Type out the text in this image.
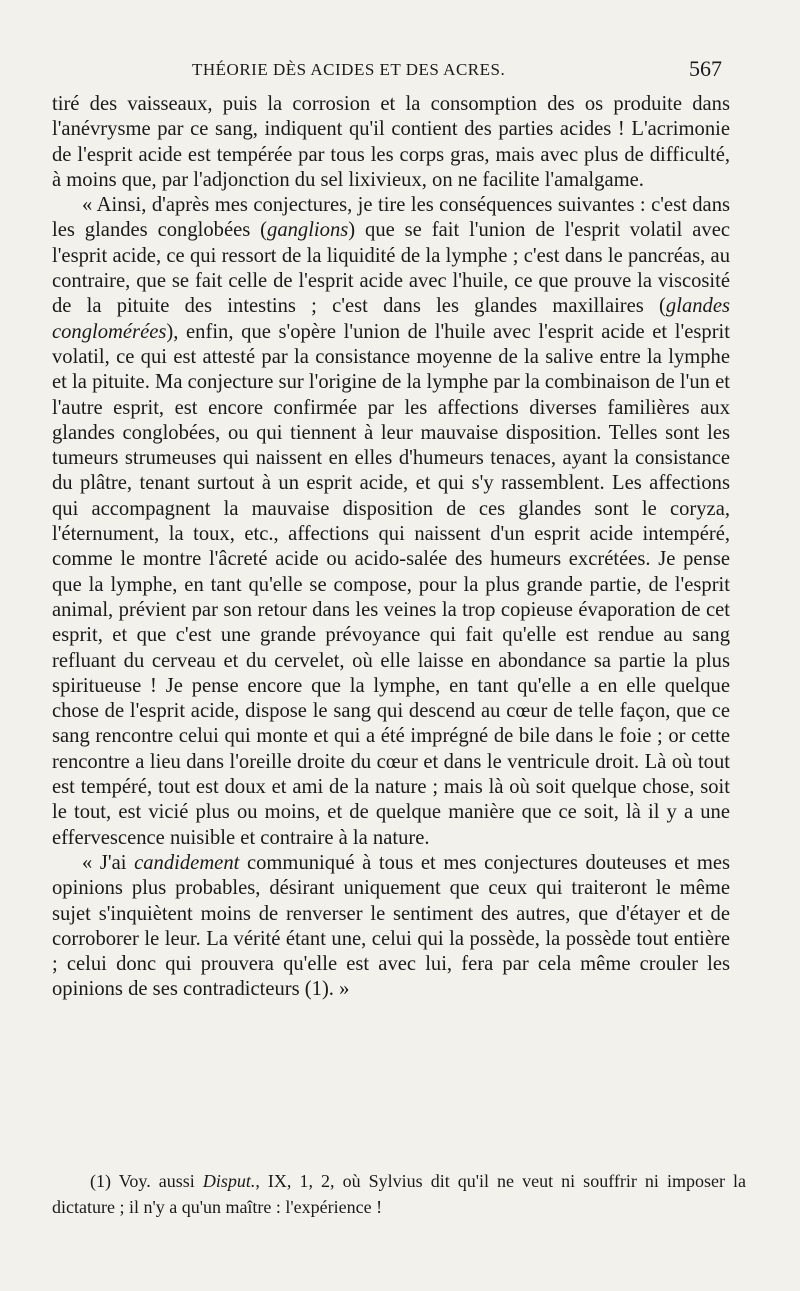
THÉORIE DÈS ACIDES ET DES ACRES.	567

tiré des vaisseaux, puis la corrosion et la consomption des os produite dans l'anévrysme par ce sang, indiquent qu'il contient des parties acides ! L'acrimonie de l'esprit acide est tempérée par tous les corps gras, mais avec plus de difficulté, à moins que, par l'adjonction du sel lixivieux, on ne facilite l'amalgame.

« Ainsi, d'après mes conjectures, je tire les conséquences suivantes : c'est dans les glandes conglobées (ganglions) que se fait l'union de l'esprit volatil avec l'esprit acide, ce qui ressort de la liquidité de la lymphe ; c'est dans le pancréas, au contraire, que se fait celle de l'esprit acide avec l'huile, ce que prouve la viscosité de la pituite des intestins ; c'est dans les glandes maxillaires (glandes conglomérées), enfin, que s'opère l'union de l'huile avec l'esprit acide et l'esprit volatil, ce qui est attesté par la consistance moyenne de la salive entre la lymphe et la pituite. Ma conjecture sur l'origine de la lymphe par la combinaison de l'un et l'autre esprit, est encore confirmée par les affections diverses familières aux glandes conglobées, ou qui tiennent à leur mauvaise disposition. Telles sont les tumeurs strumeuses qui naissent en elles d'humeurs tenaces, ayant la consistance du plâtre, tenant surtout à un esprit acide, et qui s'y rassemblent. Les affections qui accompagnent la mauvaise disposition de ces glandes sont le coryza, l'éternument, la toux, etc., affections qui naissent d'un esprit acide intempéré, comme le montre l'âcreté acide ou acido-salée des humeurs excrétées. Je pense que la lymphe, en tant qu'elle se compose, pour la plus grande partie, de l'esprit animal, prévient par son retour dans les veines la trop copieuse évaporation de cet esprit, et que c'est une grande prévoyance qui fait qu'elle est rendue au sang refluant du cerveau et du cervelet, où elle laisse en abondance sa partie la plus spiritueuse ! Je pense encore que la lymphe, en tant qu'elle a en elle quelque chose de l'esprit acide, dispose le sang qui descend au cœur de telle façon, que ce sang rencontre celui qui monte et qui a été imprégné de bile dans le foie ; or cette rencontre a lieu dans l'oreille droite du cœur et dans le ventricule droit. Là où tout est tempéré, tout est doux et ami de la nature ; mais là où soit quelque chose, soit le tout, est vicié plus ou moins, et de quelque manière que ce soit, là il y a une effervescence nuisible et contraire à la nature.

« J'ai candidement communiqué à tous et mes conjectures douteuses et mes opinions plus probables, désirant uniquement que ceux qui traiteront le même sujet s'inquiètent moins de renverser le sentiment des autres, que d'étayer et de corroborer le leur. La vérité étant une, celui qui la possède, la possède tout entière ; celui donc qui prouvera qu'elle est avec lui, fera par cela même crouler les opinions de ses contradicteurs (1). »

(1) Voy. aussi Disput., IX, 1, 2, où Sylvius dit qu'il ne veut ni souffrir ni imposer la dictature ; il n'y a qu'un maître : l'expérience !
